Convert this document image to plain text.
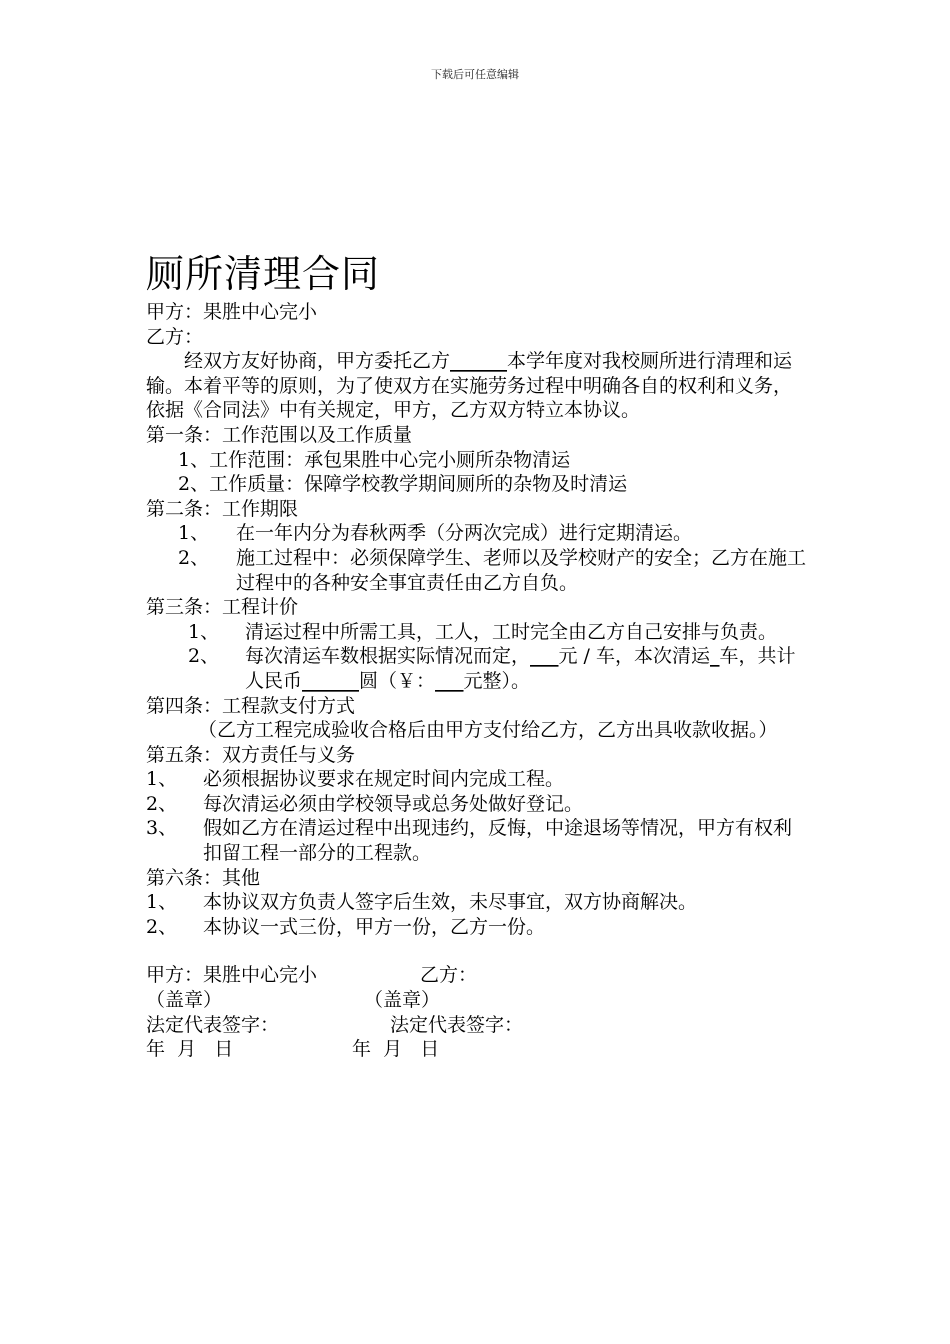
下载后可任意编辑
厕所清理合同
甲方：果胜中心完小
乙方：
经双方友好协商，甲方委托乙方______本学年度对我校厕所进行清理和运输。本着平等的原则，为了使双方在实施劳务过程中明确各自的权利和义务，依据《合同法》中有关规定，甲方，乙方双方特立本协议。
第一条：工作范围以及工作质量
1、工作范围：承包果胜中心完小厕所杂物清运
2、工作质量：保障学校教学期间厕所的杂物及时清运
第二条：工作期限
1、	在一年内分为春秋两季（分两次完成）进行定期清运。
2、	施工过程中：必须保障学生、老师以及学校财产的安全；乙方在施工过程中的各种安全事宜责任由乙方自负。
第三条：工程计价
1、	清运过程中所需工具，工人，工时完全由乙方自己安排与负责。
2、	每次清运车数根据实际情况而定，___元 / 车，本次清运_车，共计人民币______圆（￥：___元整）。
第四条：工程款支付方式
（乙方工程完成验收合格后由甲方支付给乙方，乙方出具收款收据。）
第五条：双方责任与义务
1、	必须根据协议要求在规定时间内完成工程。
2、	每次清运必须由学校领导或总务处做好登记。
3、	假如乙方在清运过程中出现违约，反悔，中途退场等情况，甲方有权利扣留工程一部分的工程款。
第六条：其他
1、	本协议双方负责人签字后生效，未尽事宜，双方协商解决。
2、	本协议一式三份，甲方一份，乙方一份。
甲方：果胜中心完小	乙方：
（盖章）	（盖章）
法定代表签字：	法定代表签字：
年  月   日	年  月   日
